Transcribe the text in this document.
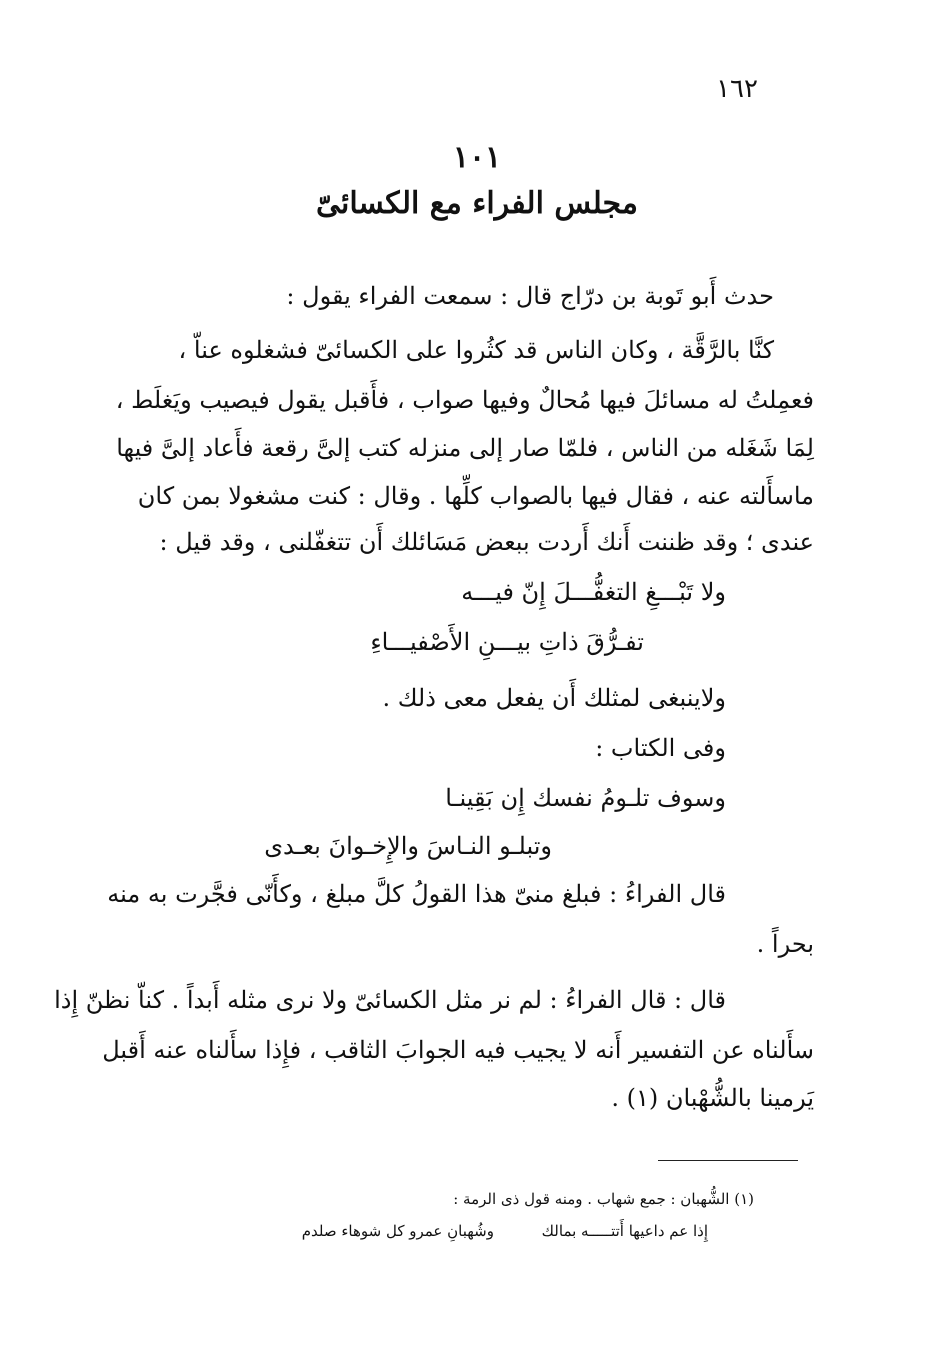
١٦٢
١٠١
مجلس الفراء مع الكسائىّ
حدث أَبو تَوبة بن درّاج قال : سمعت الفراء يقول :
كنَّا بالرَّقَّة ، وكان الناس قد كثُروا على الكسائىّ فشغلوه عناّ ،
فعمِلتُ له مسائلَ فيها مُحالٌ وفيها صواب ، فأَقبل يقول فيصيب ويَغلَط ،
لِمَا شَغَله من الناس ، فلمّا صار إلى منزله كتب إلىَّ رقعة فأَعاد إلىَّ فيها
ماسأَلته عنه ، فقال فيها بالصواب كلِّها . وقال : كنت مشغولا بمن كان
عندى ؛ وقد ظننت أَنك أَردت ببعض مَسَائلك أَن تتغفّلنى ، وقد قيل :
ولا تَبْـــغِ التغفُّـــلَ إِنّ فيـــه
تفـرُّقَ ذاتِ بيـــنِ الأَصْفيـــاءِ
ولاينبغى لمثلك أَن يفعل معى ذلك .
وفى الكتاب :
وسوف تلـومُ نفسك إِن بَقِينـا
وتبلـو النـاسَ والإِخـوانَ بعـدى
قال الفراءُ : فبلغ منىّ هذا القولُ كلَّ مبلغ ، وكأَنّى فجَّرت به منه
بحراً .
قال : قال الفراءُ : لم نر مثل الكسائىّ ولا نرى مثله أَبداً . كناّ نظنّ إِذا
سأَلناه عن التفسير أَنه لا يجيب فيه الجوابَ الثاقب ، فإِذا سأَلناه عنه أَقبل
يَرمينا بالشُّهْبان (١) .
(١) الشُّهبان : جمع شهاب . ومنه قول ذى الرمة :
إِذا عم داعيها أَتتـــــه بمالك
وشُهبانِ عمرو كل شوهاء صلدم
